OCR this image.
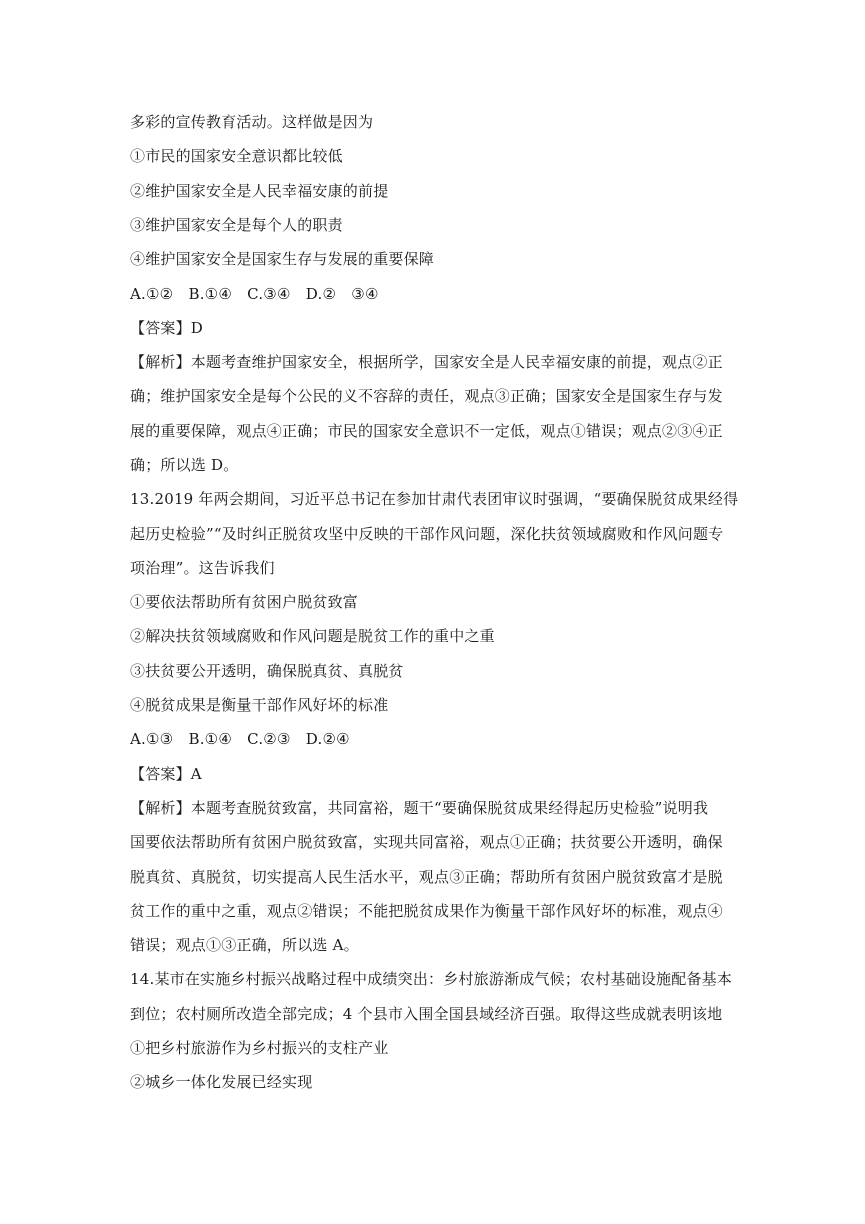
多彩的宣传教育活动。这样做是因为
①市民的国家安全意识都比较低
②维护国家安全是人民幸福安康的前提
③维护国家安全是每个人的职责
④维护国家安全是国家生存与发展的重要保障
A.①②　B.①④　C.③④　D.②　③④
【答案】D
【解析】本题考查维护国家安全，根据所学，国家安全是人民幸福安康的前提，观点②正
确；维护国家安全是每个公民的义不容辞的责任，观点③正确；国家安全是国家生存与发
展的重要保障，观点④正确；市民的国家安全意识不一定低，观点①错误；观点②③④正
确；所以选 D。
13.2019 年两会期间，习近平总书记在参加甘肃代表团审议时强调，“要确保脱贫成果经得
起历史检验”“及时纠正脱贫攻坚中反映的干部作风问题，深化扶贫领域腐败和作风问题专
项治理”。这告诉我们
①要依法帮助所有贫困户脱贫致富
②解决扶贫领域腐败和作风问题是脱贫工作的重中之重
③扶贫要公开透明，确保脱真贫、真脱贫
④脱贫成果是衡量干部作风好坏的标准
A.①③　B.①④　C.②③　D.②④
【答案】A
【解析】本题考查脱贫致富，共同富裕，题干“要确保脱贫成果经得起历史检验”说明我
国要依法帮助所有贫困户脱贫致富，实现共同富裕，观点①正确；扶贫要公开透明，确保
脱真贫、真脱贫，切实提高人民生活水平，观点③正确；帮助所有贫困户脱贫致富才是脱
贫工作的重中之重，观点②错误；不能把脱贫成果作为衡量干部作风好坏的标准，观点④
错误；观点①③正确，所以选 A。
14.某市在实施乡村振兴战略过程中成绩突出：乡村旅游渐成气候；农村基础设施配备基本
到位；农村厕所改造全部完成；4 个县市入围全国县域经济百强。取得这些成就表明该地
①把乡村旅游作为乡村振兴的支柱产业
②城乡一体化发展已经实现
